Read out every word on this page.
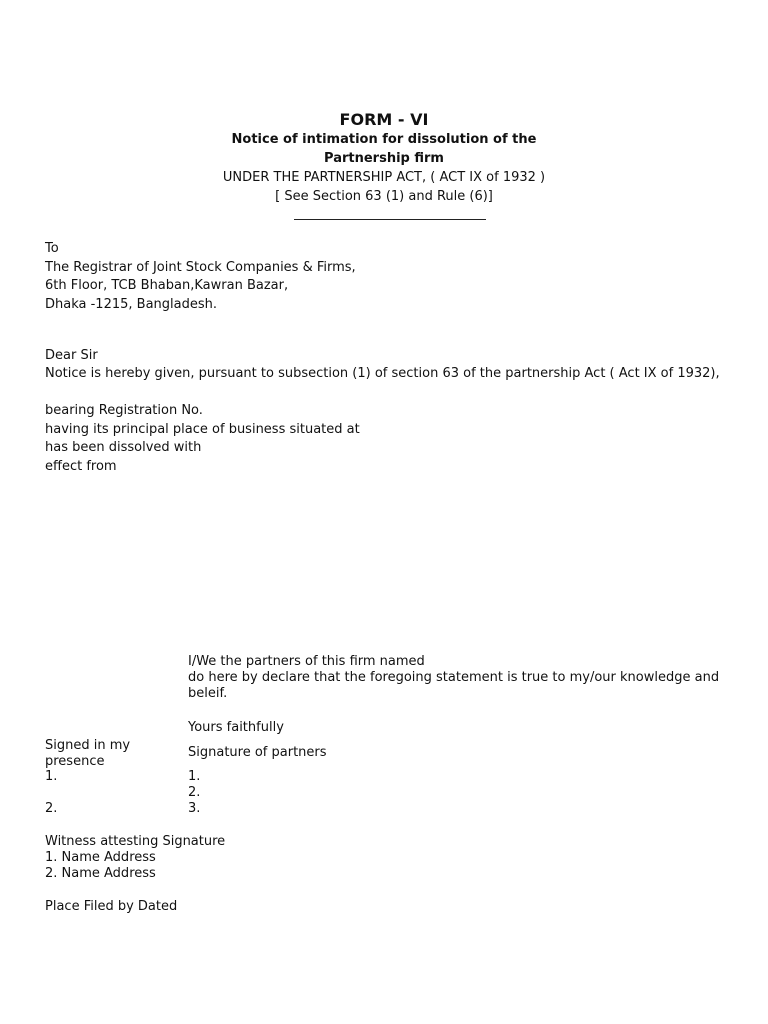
FORM - VI
Notice of intimation for dissolution of the
Partnership firm
UNDER THE PARTNERSHIP ACT, ( ACT IX of 1932 )
[ See Section 63 (1) and Rule (6)]
To
The Registrar of Joint Stock Companies & Firms,
6th Floor, TCB Bhaban,Kawran Bazar,
Dhaka -1215, Bangladesh.
Dear Sir
Notice is hereby given, pursuant to subsection (1) of section 63 of the partnership Act ( Act IX of 1932),
bearing Registration No.
having its principal place of business situated at
has been dissolved with
effect from
I/We the partners of this firm named
do here by declare that the foregoing statement is true to my/our knowledge and
beleif.
Yours faithfully
Signature of partners
1.
2.
3.
Signed in my
presence
1.
2.
Witness attesting Signature
1. Name Address
2. Name Address
Place Filed by Dated
